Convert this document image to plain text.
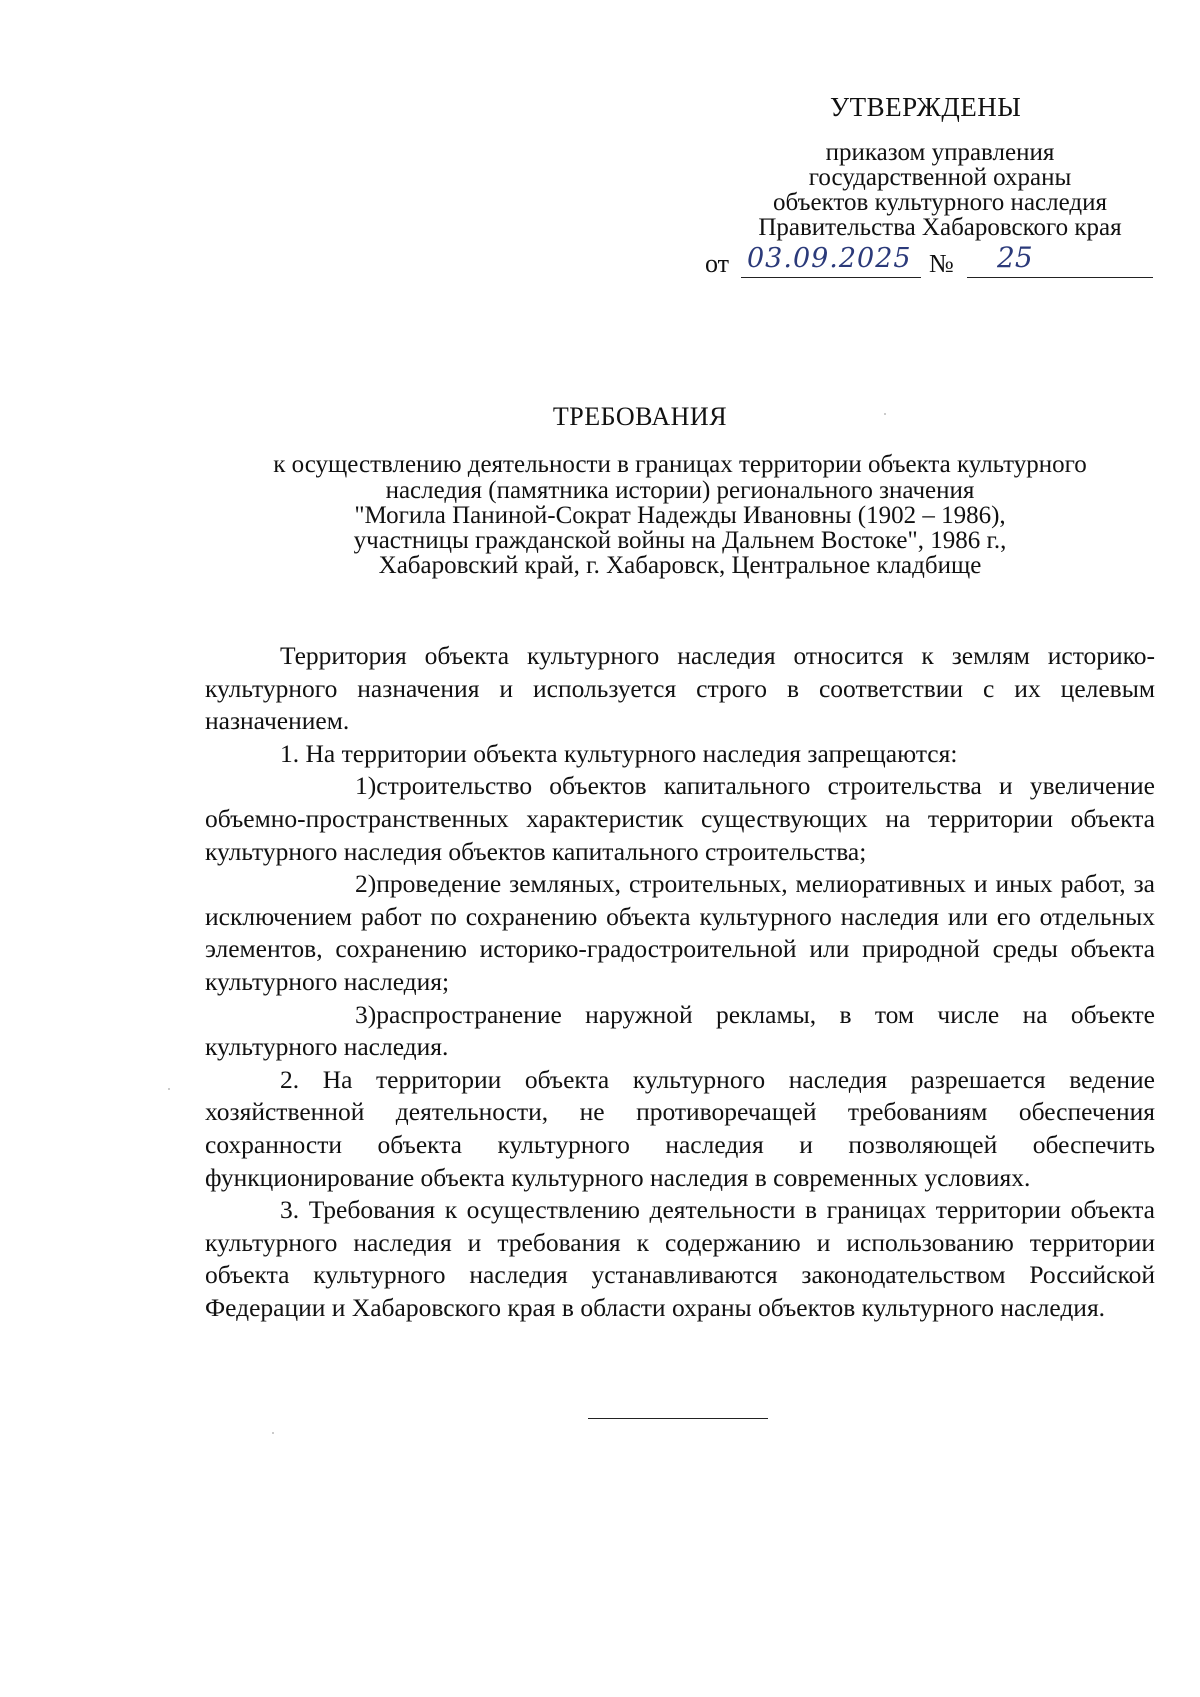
УТВЕРЖДЕНЫ
приказом управления
государственной охраны
объектов культурного наследия
Правительства Хабаровского края
от 03.09.2025 № 25
ТРЕБОВАНИЯ
к осуществлению деятельности в границах территории объекта культурного
наследия (памятника истории) регионального значения
"Могила Паниной-Сократ Надежды Ивановны (1902 – 1986),
участницы гражданской войны на Дальнем Востоке", 1986 г.,
Хабаровский край, г. Хабаровск, Центральное кладбище

Территория объекта культурного наследия относится к землям историко-культурного назначения и используется строго в соответствии с их целевым назначением.

1. На территории объекта культурного наследия запрещаются:

1)строительство объектов капитального строительства и увеличение объемно-пространственных характеристик существующих на территории объекта культурного наследия объектов капитального строительства;

2)проведение земляных, строительных, мелиоративных и иных работ, за исключением работ по сохранению объекта культурного наследия или его отдельных элементов, сохранению историко-градостроительной или природной среды объекта культурного наследия;

3)распространение наружной рекламы, в том числе на объекте культурного наследия.

2. На территории объекта культурного наследия разрешается ведение хозяйственной деятельности, не противоречащей требованиям обеспечения сохранности объекта культурного наследия и позволяющей обеспечить функционирование объекта культурного наследия в современных условиях.

3. Требования к осуществлению деятельности в границах территории объекта культурного наследия и требования к содержанию и использованию территории объекта культурного наследия устанавливаются законодательством Российской Федерации и Хабаровского края в области охраны объектов культурного наследия.
